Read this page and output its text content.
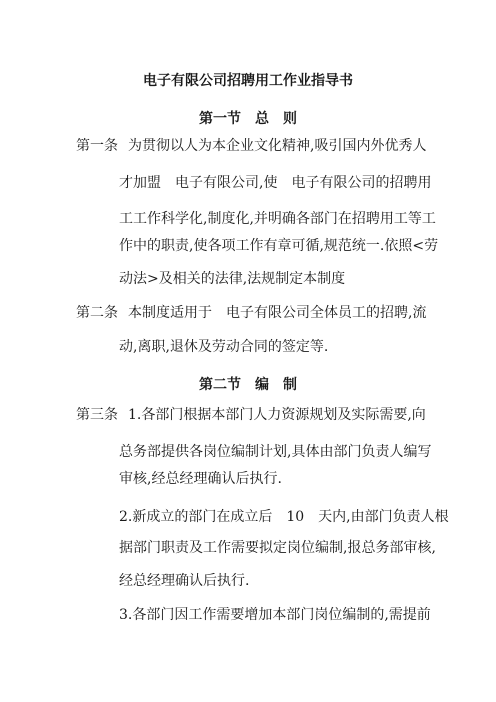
电子有限公司招聘用工作业指导书
第一节　总　则
第一条 为贯彻以人为本企业文化精神,吸引国内外优秀人
才加盟　电子有限公司,使　电子有限公司的招聘用
工工作科学化,制度化,并明确各部门在招聘用工等工
作中的职责,使各项工作有章可循,规范统一.依照<劳
动法>及相关的法律,法规制定本制度
第二条 本制度适用于　电子有限公司全体员工的招聘,流
动,离职,退休及劳动合同的签定等.
第二节　编　制
第三条 1.各部门根据本部门人力资源规划及实际需要,向
总务部提供各岗位编制计划,具体由部门负责人编写
审核,经总经理确认后执行.
2.新成立的部门在成立后　10　天内,由部门负责人根
据部门职责及工作需要拟定岗位编制,报总务部审核,
经总经理确认后执行.
3.各部门因工作需要增加本部门岗位编制的,需提前
